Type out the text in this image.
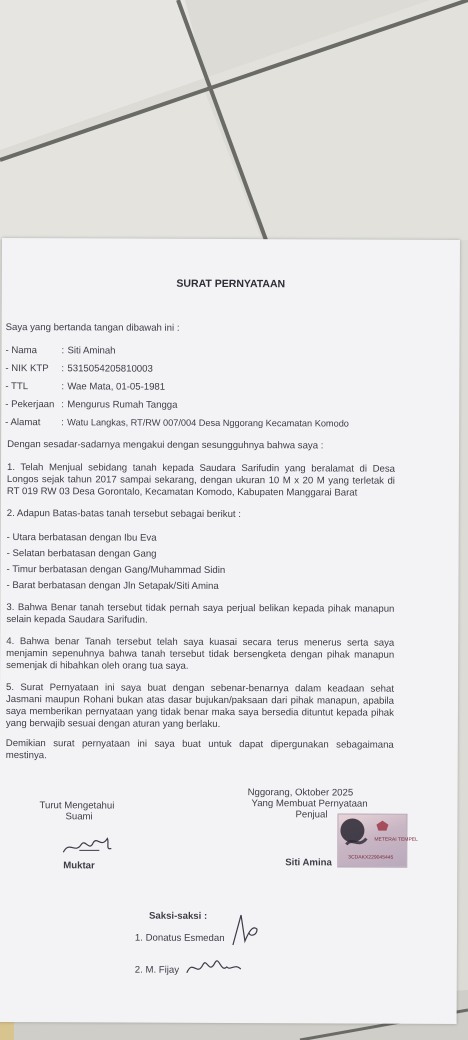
SURAT PERNYATAAN
Saya yang bertanda tangan dibawah ini :
- Nama	: Siti Aminah
- NIK KTP : 5315054205810003
- TTL	: Wae Mata, 01-05-1981
- Pekerjaan : Mengurus Rumah Tangga
- Alamat : Watu Langkas, RT/RW 007/004 Desa Nggorang Kecamatan Komodo
Dengan sesadar-sadarnya mengakui dengan sesungguhnya bahwa saya :
1. Telah Menjual sebidang tanah kepada Saudara Sarifudin yang beralamat di Desa Longos sejak tahun 2017 sampai sekarang, dengan ukuran 10 M x 20 M yang terletak di RT 019 RW 03 Desa Gorontalo, Kecamatan Komodo, Kabupaten Manggarai Barat
2. Adapun Batas-batas tanah tersebut sebagai berikut :
- Utara berbatasan dengan Ibu Eva
- Selatan berbatasan dengan Gang
- Timur berbatasan dengan Gang/Muhammad Sidin
- Barat berbatasan dengan Jln Setapak/Siti Amina
3. Bahwa Benar tanah tersebut tidak pernah saya perjual belikan kepada pihak manapun selain kepada Saudara Sarifudin.
4. Bahwa benar Tanah tersebut telah saya kuasai secara terus menerus serta saya menjamin sepenuhnya bahwa tanah tersebut tidak bersengketa dengan pihak manapun semenjak di hibahkan oleh orang tua saya.
5. Surat Pernyataan ini saya buat dengan sebenar-benarnya dalam keadaan sehat Jasmani maupun Rohani bukan atas dasar bujukan/paksaan dari pihak manapun, apabila saya memberikan pernyataan yang tidak benar maka saya bersedia dituntut kepada pihak yang berwajib sesuai dengan aturan yang berlaku.
Demikian surat pernyataan ini saya buat untuk dapat dipergunakan sebagaimana mestinya.
Nggorang, Oktober 2025
Yang Membuat Pernyataan
Penjual
Turut Mengetahui
Suami
Muktar
METERAI TEMPEL
3CDAKX229045445
Siti Amina
Saksi-saksi :
1. Donatus Esmedan
2. M. Fijay
